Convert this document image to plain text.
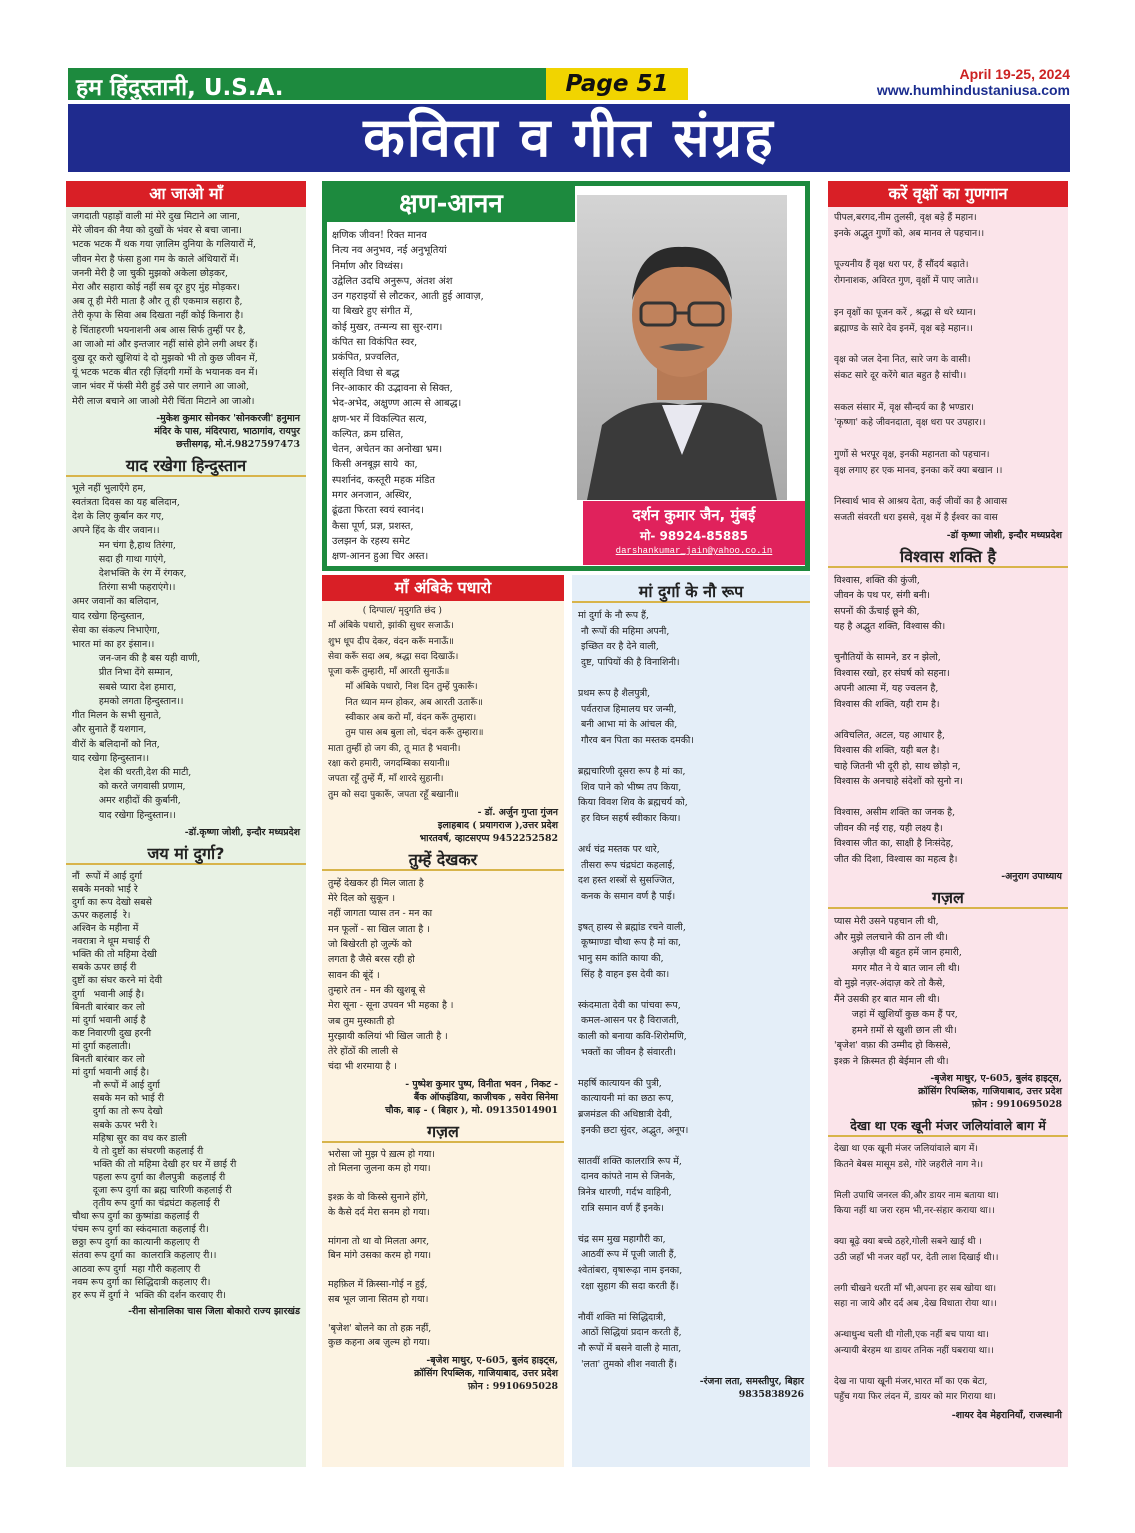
हम हिंदुस्तानी, U.S.A.	Page 51	April 19-25, 2024
www.humhindustaniusa.com
कविता व गीत संग्रह
आ जाओ माँ
जगदाती पहाड़ों वाली मां मेरे दुख मिटाने आ जाना,
मेरे जीवन की नैया को दुखों के भंवर से बचा जाना।
भटक भटक मैं थक गया ज़ालिम दुनिया के गलियारों में,
जीवन मेरा है फंसा हुआ गम के काले अंधियारों में।
जननी मेरी है जा चुकी मुझको अकेला छोड़कर,
मेरा और सहारा कोई नहीं सब दूर हुए मुंह मोड़कर।
अब तू ही मेरी माता है और तू ही एकमात्र सहारा है,
तेरी कृपा के सिवा अब दिखता नहीं कोई किनारा है।
हे चिंताहरणी भयनाशनी अब आस सिर्फ तुम्हीं पर है,
आ जाओ मां और इन्तजार नहीं सांसे होने लगी अधर हैं।
दुख दूर करो खुशियां दे दो मुझको भी तो कुछ जीवन में,
यूं भटक भटक बीत रही ज़िंदगी गमों के भयानक वन में।
जान भंवर में फंसी मेरी हुई उसे पार लगाने आ जाओ,
मेरी लाज बचाने आ जाओ मेरी चिंता मिटाने आ जाओ।
-मुकेश कुमार सोनकर 'सोनकरजी' हनुमान
मंदिर के पास, मंदिरपारा, भाठागांव, रायपुर
छत्तीसगढ़, मो.नं.9827597473
याद रखेगा हिन्दुस्तान
भूले नहीं भुलाएँगे हम,
स्वतंत्रता दिवस का यह बलिदान,
देश के लिए कुर्बान कर गए,
अपने हिंद के वीर जवान।।
मन चंगा है,हाथ तिरंगा,
सदा ही गाथा गाएंगे,
देशभक्ति के रंग में रंगकर,
तिरंगा सभी फहराएंगे।।
अमर जवानों का बलिदान,
याद रखेगा हिन्दुस्तान,
सेवा का संकल्प निभाऐगा,
भारत मां का हर इंसान।।
जन-जन की है बस यही वाणी,
प्रीत निभा देंगे सम्मान,
सबसे प्यारा देश हमारा,
हमको लगता हिन्दुस्तान।।
गीत मिलन के सभी सुनाते,
और सुनाते हैं यशगान,
वीरों के बलिदानों को नित,
याद रखेगा हिन्दुस्तान।।
देश की धरती,देश की माटी,
को करते जगवासी प्रणाम,
अमर शहीदों की कुर्बानी,
याद रखेगा हिन्दुस्तान।।
-डॉ.कृष्णा जोशी, इन्दौर मध्यप्रदेश
जय मां दुर्गा?
नौं  रूपों में आई दुर्गा
सबके मनको भाई रे
दुर्गा का रूप देखो सबसे
ऊपर कहलाई  रे।
अश्विन के महीना में
नवरात्रा ने धूम मचाई री
भक्ति की तो महिमा देखी
सबके ऊपर छाई री
दुष्टों का संघर करने मां देवी
दुर्गा   भवानी आई है।
बिनती बारंबार कर लो
मां दुर्गा भवानी आई है
कष्ट निवारणी दुख हरनी
मां दुर्गा कहलाती।
बिनती बारंबार कर लो
मां दुर्गा भवानी आई है।
नौ रूपों में आई दुर्गा
सबके मन को भाई री
दुर्गा का तो रूप देखो
सबके ऊपर भरी रे।
महिषा सुर का वध कर डाली
ये तो दुष्टों का संघरणी कहलाई री
भक्ति की तो महिमा देखी हर घर में छाई री
पहला रूप दुर्गा का शैलपुत्री  कहलाई री
दूजा रूप दुर्गा का ब्रह्म चारिणी कहलाई री
तृतीय रूप दुर्गा का चंद्रघंटा कहलाई री
चौथा रूप दुर्गा का कुष्मांडा कहलाई री
पंचम रूप दुर्गा का स्कंदमाता कहलाई री।
छठ्ठा रूप दुर्गा का कात्यानी कहलाए री
संतवा रूप दुर्गा का  कालरात्रि कहलाए री।।
आठवा रूप दुर्गा  महा गौरी कहलाए री
नवम रूप दुर्गा का सिद्धिदात्री कहलाए री।
हर रूप में दुर्गा ने  भक्ति की दर्शन करवाए री।
-रीना सोनालिका चास जिला बोकारो राज्य झारखंड
क्षण-आनन
क्षणिक जीवन! रिक्त मानव
नित्य नव अनुभव, नई अनुभूतियां
निर्माण और विध्वंस।
उद्वेलित उदधि अनुरूप, अंतश अंश
उन गहराइयों से लौटकर, आती हुई आवाज़,
या बिखरे हुए संगीत में,
कोई मुखर, तन्मन्य सा सुर-राग।
कंपित सा विकंपित स्वर,
प्रकंपित, प्रज्वलित,
संसृति विधा से बद्ध
निर-आकार की उद्भावना से सिक्त,
भेद-अभेद, अक्षुण्ण आत्म से आबद्ध।
क्षण-भर में विकल्पित सत्य,
कल्पित, क्रम ग्रसित,
चेतन, अचेतन का अनोखा भ्रम।
किसी अनबूझ साये  का,
स्पर्शानंद, कस्तूरी महक मंडित
मगर अनजान, अस्थिर,
ढूंढता फिरता स्वयं स्वानंद।
कैसा पूर्ण, प्रज्ञ, प्रशस्त,
उलझन के रहस्य समेट
क्षण-आनन हुआ चिर अस्त।
दर्शन कुमार जैन, मुंबई
मो- 98924-85885
darshankumar_jain@yahoo.co.in
माँ अंबिके पधारो
( दिग्पाल/ मृदुगति छंद )
माँ अंबिके पधारो, झांकी सुधर सजाऊँ।
शुभ धूप दीप देकर, वंदन करूँ मनाऊँ॥
सेवा करूँ सदा अब, श्रद्धा सदा दिखाऊँ।
पूजा करूँ तुम्हारी, माँ आरती सुनाऊँ॥
माँ अंबिके पधारो, निश दिन तुम्हें पुकारूँ।
नित ध्यान मग्न होकर, अब आरती उतारूँ॥
स्वीकार अब करो माँ, वंदन करूँ तुम्हारा।
तुम पास अब बुला लो, चंदन करूँ तुम्हारा॥
माता तुम्हीं हो जग की, तू मात है भवानी।
रक्षा करो हमारी, जगदम्बिका सयानी॥
जपता रहूँ तुम्हें मैं, माँ शारदे सुहानी।
तुम को सदा पुकारूँ, जपता रहूँ बखानी॥
- डॉ. अर्जुन गुप्ता गुंजन
इलाहबाद ( प्रयागराज ),उत्तर प्रदेश
भारतवर्ष, व्हाटसएप्प 9452252582
तुम्हें देखकर
तुम्हें देखकर ही मिल जाता है
मेरे दिल को सुकून ।
नहीं जागता प्यास तन - मन का
मन फूलों - सा खिल जाता है ।
जो बिखेरती हो जुल्फें को
लगता है जैसे बरस रही हो
सावन की बूंदें ।
तुम्हारे तन - मन की खुशबू से
मेरा सूना - सूना उपवन भी महका है ।
जब तुम मुस्काती हो
मुरझायी कलियां भी खिल जाती है ।
तेरे होंठों की लाली से
चंदा भी शरमाया है ।
- पुष्पेश कुमार पुष्प, विनीता भवन , निकट -
बैंक ऑफइंडिया, काजीचक , सवेरा सिनेमा
चौक, बाढ़ - ( बिहार ), मो. 09135014901
गज़ल
भरोसा जो मुझ पे ख़त्म हो गया।
तो मिलना जुलना कम हो गया।

इश्क़ के वो किस्से सुनाने होंगे,
के कैसे दर्द मेरा सनम हो गया।

मांगना तो था वो मिलता अगर,
बिन मांगे उसका करम हो गया।

महफ़िल में क़िस्सा-गोई न हुई,
सब भूल जाना सितम हो गया।

'बृजेश' बोलने का तो हक़ नहीं,
कुछ कहना अब ज़ुल्म हो गया।
-बृजेश माथुर, ए-605, बुलंद हाइट्स,
क्रॉसिंग रिपब्लिक, गाजियाबाद, उत्तर प्रदेश
फ़ोन : 9910695028
मां दुर्गा के नौ रूप
मां दुर्गा के नौ रूप हैं,
नौ रूपों की महिमा अपनी,
इच्छित वर है देने वाली,
दुष्ट, पापियों की है विनाशिनी।

प्रथम रूप है शैलपुत्री,
पर्वतराज हिमालय घर जन्मी,
बनी आभा मां के आंचल की,
गौरव बन पिता का मस्तक दमकी।

ब्रह्मचारिणी दूसरा रूप है मां का,
शिव पाने को भीष्म तप किया,
किया विवश शिव के ब्रह्मचर्य को,
हर विघ्न सहर्ष स्वीकार किया।

अर्ध चंद्र मस्तक पर धारे,
तीसरा रूप चंद्रघंटा कहलाई,
दश हस्त शस्त्रों से सुसज्जित,
कनक के समान वर्ण है पाई।

इषत् हास्य से ब्रह्मांड रचने वाली,
कूष्माण्डा चौथा रूप है मां का,
भानु सम कांति काया की,
सिंह है वाहन इस देवी का।

स्कंदमाता देवी का पांचवा रूप,
कमल-आसन पर है विराजती,
काली को बनाया कवि-शिरोमणि,
भक्तों का जीवन है संवारती।

महर्षि कात्यायन की पुत्री,
कात्यायनी मां का छठा रूप,
ब्रजमंडल की अधिष्ठात्री देवी,
इनकी छटा सुंदर, अद्भुत, अनूप।

सातवीं शक्ति कालरात्रि रूप में,
दानव कांपते नाम से जिनके,
त्रिनेत्र धारणी, गर्दभ वाहिनी,
रात्रि समान वर्ण हैं इनके।

चंद्र सम मुख महागौरी का,
आठवीं रूप में पूजी जाती हैं,
श्वेतांबरा, वृषारूढ़ा नाम इनका,
रक्षा सुहाग की सदा करती हैं।

नौवीं शक्ति मां सिद्धिदात्री,
आठों सिद्धियां प्रदान करती हैं,
नौ रूपों में बसने वाली हे माता,
'लता' तुमको शीश नवाती हैं।
-रंजना लता, समस्तीपुर, बिहार
9835838926
करें वृक्षों का गुणगान
पीपल,बरगद,नीम तुलसी, वृक्ष बड़े हैं महान।
इनके अद्भुत गुणों को, अब मानव ले पहचान।।

पूज्यनीय हैं वृक्ष धरा पर, हैं सौंदर्य बढ़ाते।
रोगनाशक, अविरत गुण, वृक्षों में पाए जाते।।

इन वृक्षों का पूजन करें , श्रद्धा से धरे ध्यान।
ब्रह्माण्ड के सारे देव इनमें, वृक्ष बड़े महान।।

वृक्ष को जल देना नित, सारे जग के वासी।
संकट सारे दूर करेंगे बात बहुत है सांची।।

सकल संसार में, वृक्ष सौन्दर्य का है भण्डार।
'कृष्णा' कहे जीवनदाता, वृक्ष धरा पर उपहार।।

गुणों से भरपूर वृक्ष, इनकी महानता को पहचान।
वृक्ष लगाए हर एक मानव, इनका करें क्या बखान ।।

निस्वार्थ भाव से आश्रय देता, कई जीवों का है आवास
सजती संवरती धरा इससे, वृक्ष में है ईश्वर का वास
-डॉ कृष्णा जोशी, इन्दौर मध्यप्रदेश
विश्वास शक्ति है
विश्वास, शक्ति की कुंजी,
जीवन के पथ पर, संगी बनी।
सपनों की ऊँचाई छूने की,
यह है अद्भुत शक्ति, विश्वास की।

चुनौतियों के सामने, डर न झेलो,
विश्वास रखो, हर संघर्ष को सहना।
अपनी आत्मा में, यह ज्वलन है,
विश्वास की शक्ति, यही राम है।

अविचलित, अटल, यह आधार है,
विश्वास की शक्ति, यही बल है।
चाहे जितनी भी दूरी हो, साथ छोड़ो न,
विश्वास के अनचाहे संदेशों को सुनो न।

विश्वास, असीम शक्ति का जनक है,
जीवन की नई राह, यही लक्ष्य है।
विश्वास जीत का, साक्षी है निःसंदेह,
जीत की दिशा, विश्वास का महत्व है।
-अनुराग उपाध्याय
गज़ल
प्यास मेरी उसने पहचान ली थी,
और मुझे ललचाने की ठान ली थी।
अज़ीज़ थी बहुत हमें जान हमारी,
मगर मौत ने ये बात जान ली थी।
वो मुझे नज़र-अंदाज़ करे तो कैसे,
मैंने उसकी हर बात मान ली थी।
जहां में खुशियाँ कुछ कम हैं पर,
हमने ग़मों से खुशी छान ली थी।
'बृजेश' वफ़ा की उम्मीद हो किससे,
इश्क़ ने क़िस्मत ही बेईमान ली थी।
-बृजेश माथुर, ए-605, बुलंद हाइट्स,
क्रॉसिंग रिपब्लिक, गाजियाबाद, उत्तर प्रदेश
फ़ोन : 9910695028
देखा था एक खूनी मंजर जलियांवाले बाग में
देखा था एक खूनी मंजर जलियांवाले बाग में।
कितने बेबस मासूम डसे, गोरे जहरीले नाग ने।।

मिली उपाधि जनरल की,और डायर नाम बताया था।
किया नहीं था जरा रहम भी,नर-संहार कराया था।।

क्या बूढ़े क्या बच्चे ठहरे,गोली सबने खाई थी ।
उठी जहाँ भी नजर वहाँ पर, देती लाश दिखाई थी।।

लगी चीखने धरती माँ भी,अपना हर सब खोया था।
सहा ना जाये और दर्द अब ,देख विधाता रोया था।।

अन्धाधुन्ध चली थी गोली,एक नहीं बच पाया था।
अन्यायी बेरहम था डायर तनिक नहीं घबराया था।।

देख ना पाया खूनी मंजर,भारत माँ का एक बेटा,
पहुँच गया फिर लंदन में, डायर को मार गिराया था।
-शायर देव मेहरानियाँ, राजस्थानी
